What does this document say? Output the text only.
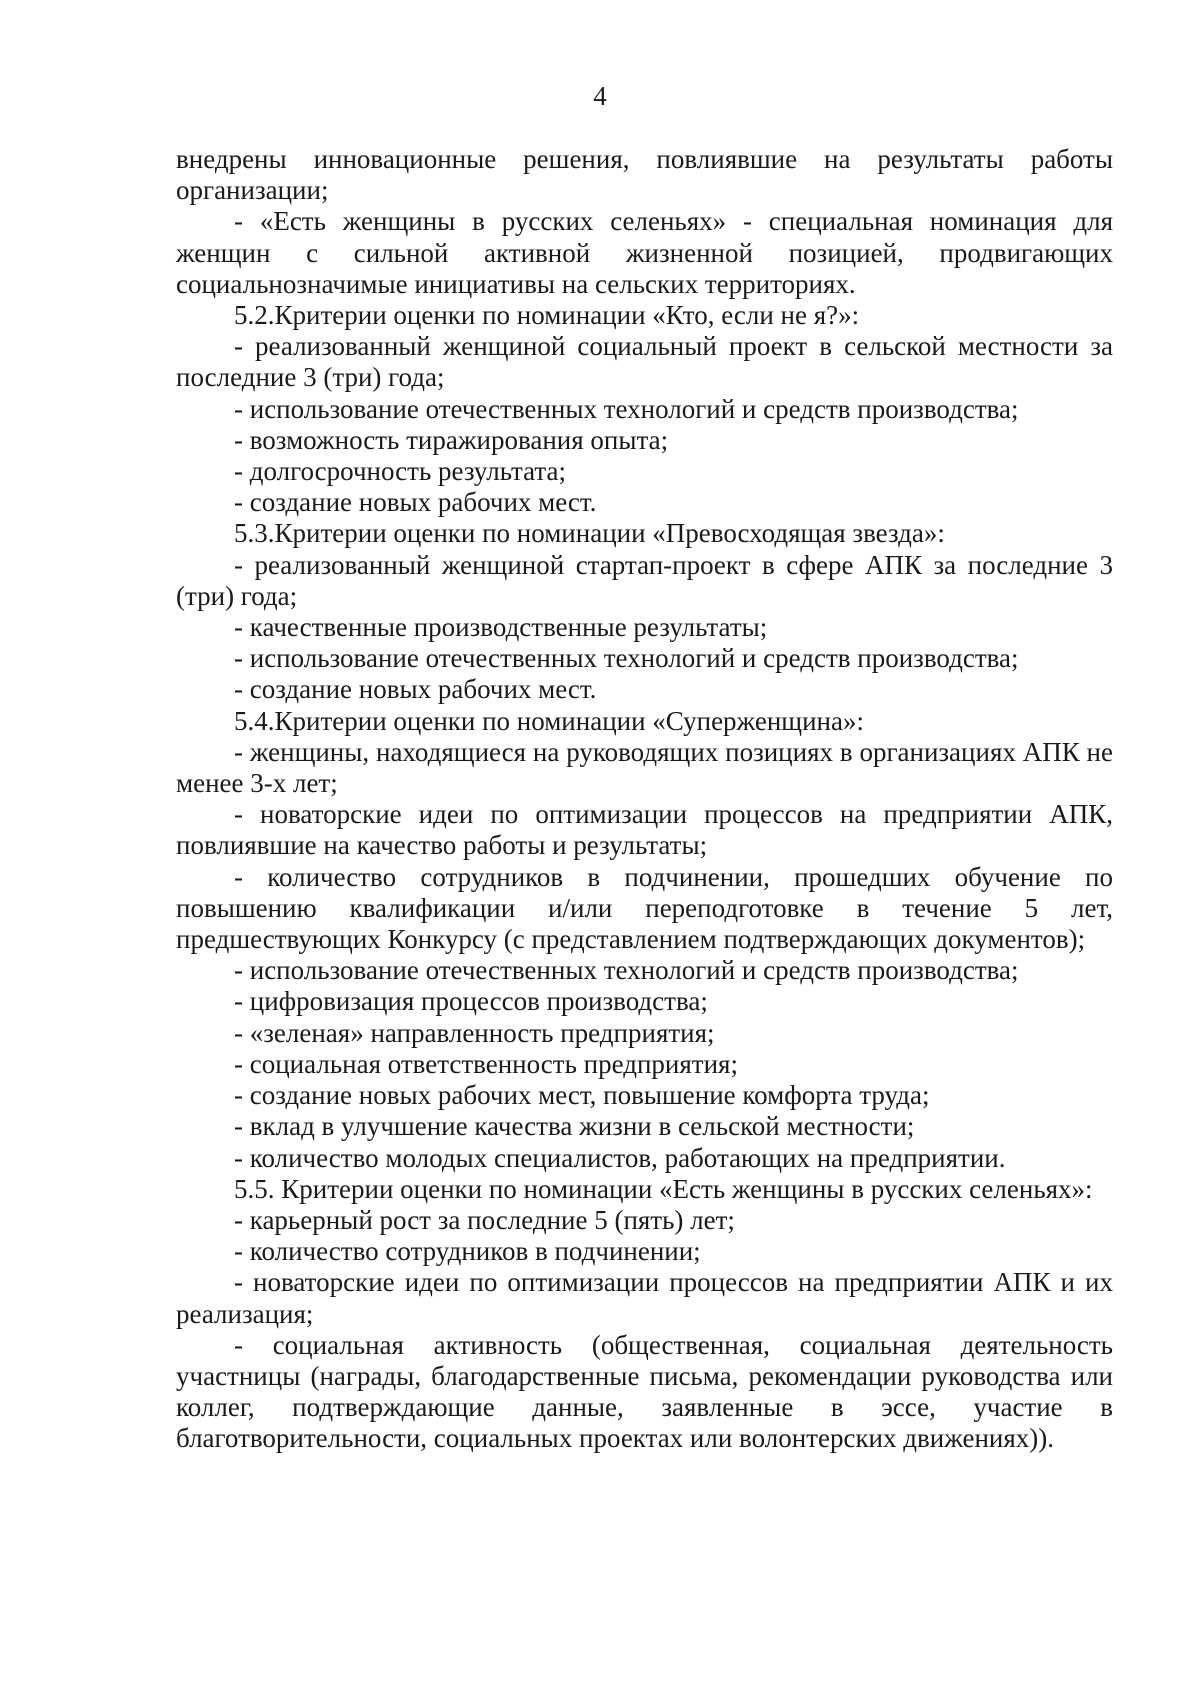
4

внедрены инновационные решения, повлиявшие на результаты работы организации;

- «Есть женщины в русских селеньях» - специальная номинация для женщин с сильной активной жизненной позицией, продвигающих социальнозначимые инициативы на сельских территориях.

5.2.Критерии оценки по номинации «Кто, если не я?»:

- реализованный женщиной социальный проект в сельской местности за последние 3 (три) года;

- использование отечественных технологий и средств производства;

- возможность тиражирования опыта;

- долгосрочность результата;

- создание новых рабочих мест.

5.3.Критерии оценки по номинации «Превосходящая звезда»:

- реализованный женщиной стартап-проект в сфере АПК за последние 3 (три) года;

- качественные производственные результаты;

- использование отечественных технологий и средств производства;

- создание новых рабочих мест.

5.4.Критерии оценки по номинации «Суперженщина»:

- женщины, находящиеся на руководящих позициях в организациях АПК не менее 3-х лет;

- новаторские идеи по оптимизации процессов на предприятии АПК, повлиявшие на качество работы и результаты;

- количество сотрудников в подчинении, прошедших обучение по повышению квалификации и/или переподготовке в течение 5 лет, предшествующих Конкурсу (с представлением подтверждающих документов);

- использование отечественных технологий и средств производства;

- цифровизация процессов производства;

- «зеленая» направленность предприятия;

- социальная ответственность предприятия;

- создание новых рабочих мест, повышение комфорта труда;

- вклад в улучшение качества жизни в сельской местности;

- количество молодых специалистов, работающих на предприятии.

5.5. Критерии оценки по номинации «Есть женщины в русских селеньях»:

- карьерный рост за последние 5 (пять) лет;

- количество сотрудников в подчинении;

- новаторские идеи по оптимизации процессов на предприятии АПК и их реализация;

- социальная активность (общественная, социальная деятельность участницы (награды, благодарственные письма, рекомендации руководства или коллег, подтверждающие данные, заявленные в эссе, участие в благотворительности, социальных проектах или волонтерских движениях)).
